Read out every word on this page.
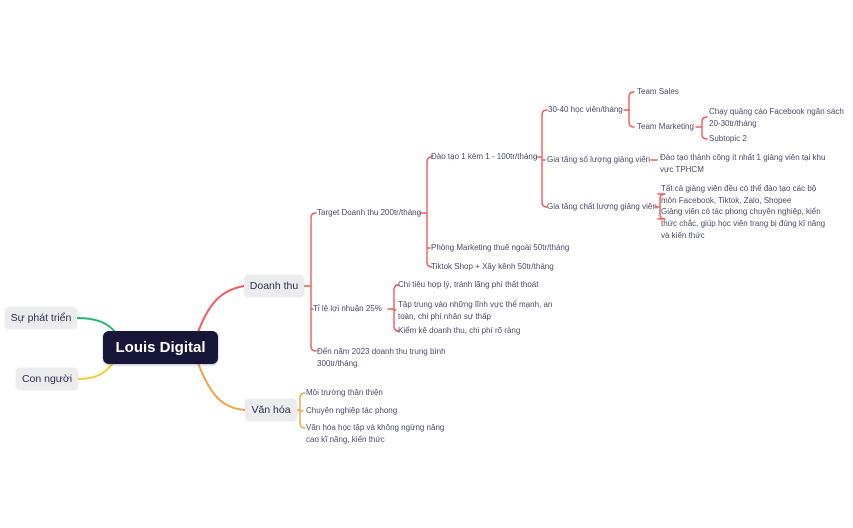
Sự phát triển
Con người
Louis Digital
Doanh thu
Văn hóa
Target Doanh thu 200tr/tháng
Đào tạo 1 kèm 1 - 100tr/tháng
30-40 học viên/tháng
Team Sales
Team Marketing
Chạy quảng cáo Facebook ngân sách 20-30tr/tháng
Subtopic 2
Gia tăng số lượng giảng viên Đào tạo thành công ít nhất 1 giảng viên tại khu vực TPHCM
Gia tăng chất lượng giảng viên
Tất cả giảng viên đều có thể đào tạo các bộ môn Facebook, Tiktok, Zalo, Shopee
Giảng viên có tác phong chuyên nghiệp, kiến thức chắc, giúp học viên trang bị đúng kĩ năng và kiến thức
Phòng Marketing thuê ngoài 50tr/tháng
Tiktok Shop + Xây kênh 50tr/tháng
Tỉ lệ lợi nhuận 25%
Chi tiêu hợp lý, tránh lãng phí thất thoát
Tập trung vào những lĩnh vực thế mạnh, an toàn, chi phí nhân sự thấp
Kiểm kê doanh thu, chi phí rõ ràng
Đến năm 2023 doanh thu trung bình 300tr/tháng
Môi trường thân thiện
Chuyên nghiệp tác phong
Văn hóa học tập và không ngừng nâng cao kĩ năng, kiến thức
